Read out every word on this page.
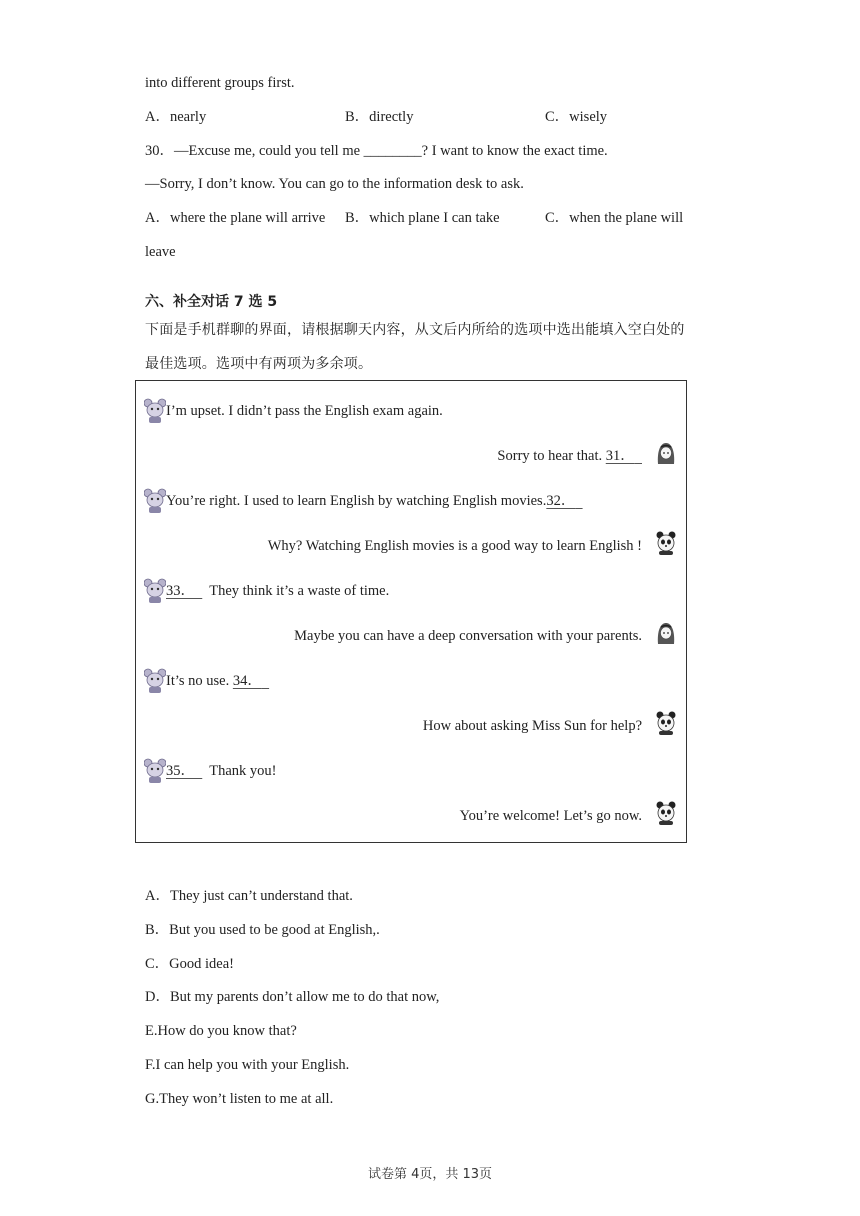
into different groups first.
A．nearly	B．directly	C．wisely
30．—Excuse me, could you tell me ________? I want to know the exact time.
—Sorry, I don’t know. You can go to the information desk to ask.
A．where the plane will arrive B．which plane I can take	C．when the plane will
leave
六、补全对话 7 选 5
下面是手机群聊的界面，请根据聊天内容，从文后内所给的选项中选出能填入空白处的
最佳选项。选项中有两项为多余项。
I’m upset. I didn’t pass the English exam again.
Sorry to hear that. 31．
You’re right. I used to learn English by watching English movies.32．
Why? Watching English movies is a good way to learn English !
33．    They think it’s a waste of time.
Maybe you can have a deep conversation with your parents.
It’s no use. 34．
How about asking Miss Sun for help?
35．    Thank you!
You’re welcome! Let’s go now.
A．They just can’t understand that.
B．But you used to be good at English,.
C．Good idea!
D．But my parents don’t allow me to do that now,
E.How do you know that?
F.I can help you with your English.
G.They won’t listen to me at all.
试卷第 4页，共 13页
